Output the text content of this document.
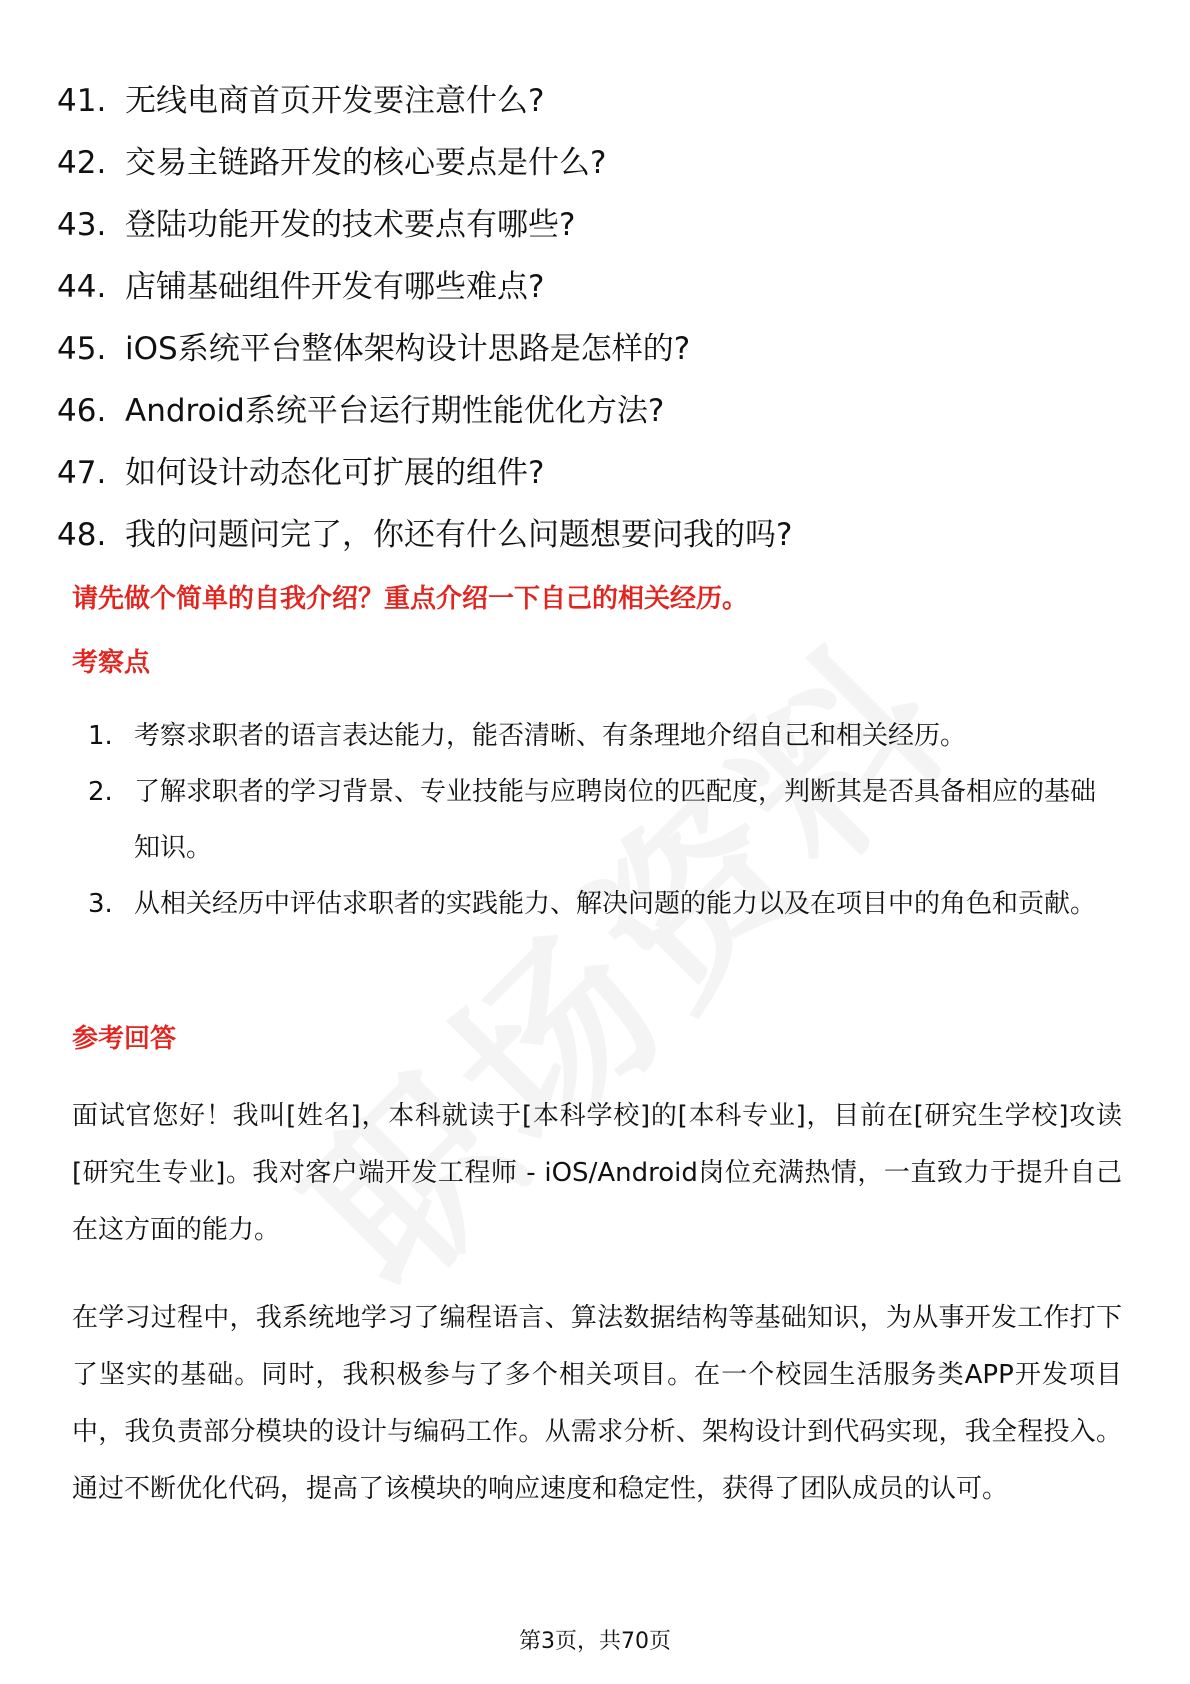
41. 无线电商首页开发要注意什么?
42. 交易主链路开发的核心要点是什么?
43. 登陆功能开发的技术要点有哪些?
44. 店铺基础组件开发有哪些难点?
45. iOS系统平台整体架构设计思路是怎样的?
46. Android系统平台运行期性能优化方法?
47. 如何设计动态化可扩展的组件?
48. 我的问题问完了，你还有什么问题想要问我的吗?
请先做个简单的自我介绍？重点介绍一下自己的相关经历。
考察点
1. 考察求职者的语言表达能力，能否清晰、有条理地介绍自己和相关经历。
2. 了解求职者的学习背景、专业技能与应聘岗位的匹配度，判断其是否具备相应的基础知识。
3. 从相关经历中评估求职者的实践能力、解决问题的能力以及在项目中的角色和贡献。
参考回答
面试官您好！我叫[姓名]，本科就读于[本科学校]的[本科专业]，目前在[研究生学校]攻读[研究生专业]。我对客户端开发工程师 - iOS/Android岗位充满热情，一直致力于提升自己在这方面的能力。
在学习过程中，我系统地学习了编程语言、算法数据结构等基础知识，为从事开发工作打下了坚实的基础。同时，我积极参与了多个相关项目。在一个校园生活服务类APP开发项目中，我负责部分模块的设计与编码工作。从需求分析、架构设计到代码实现，我全程投入。通过不断优化代码，提高了该模块的响应速度和稳定性，获得了团队成员的认可。
第3页，共70页
